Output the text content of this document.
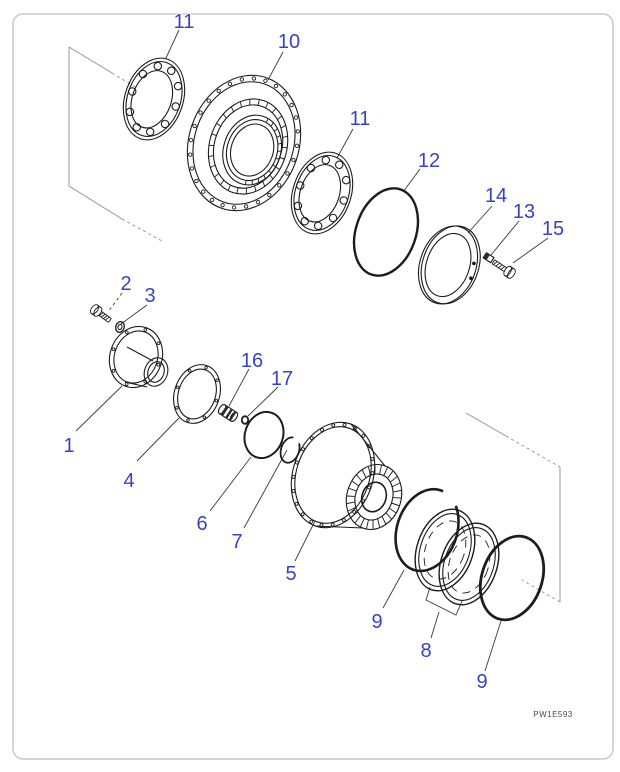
11
10
11
12
14
13
15
2
3
1
4
16
17
6
7
5
9
8
9
PW1E593
